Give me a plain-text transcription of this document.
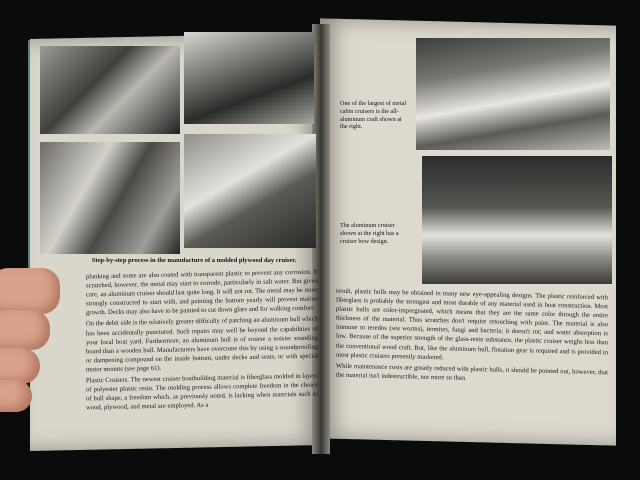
Step-by-step process in the manufacture of a molded plywood day cruiser.
One of the largest of metal cabin cruisers is the all-aluminum craft shown at the right.
The aluminum cruiser shown at the right has a cruiser bow design.

planking and some are also coated with transparent plastic to prevent any corrosion. If scratched, however, the metal may start to corrode, particularly in salt water. But given care, an aluminum cruiser should last quite long. It will not rot. The metal may be more strongly constructed to start with, and painting the bottom yearly will prevent marine growth. Decks may also have to be painted to cut down glare and for walking comfort.

On the debit side is the relatively greater difficulty of patching an aluminum hull which has been accidentally punctured. Such repairs may well be beyond the capabilities of your local boat yard. Furthermore, an aluminum hull is of course a noisier sounding board than a wooden hull. Manufacturers have overcome this by using a soundproofing or dampening compound on the inside bottom, under decks and seats, or with special motor mounts (see page 61).

Plastic Cruisers. The newest cruiser boatbuilding material is fiberglass molded in layers of polyester plastic resin. The molding process allows complete freedom in the choice of hull shape, a freedom which, as previously noted, is lacking when materials such as wood, plywood, and metal are employed. As a

result, plastic hulls may be obtained in many new eye-appealing designs. The plastic reinforced with fiberglass is probably the strongest and most durable of any material used in boat construction. Most plastic hulls are color-impregnated, which means that they are the same color through the entire thickness of the material. Thus scratches don't require retouching with paint. The material is also immune to teredos (sea worms), termites, fungi and bacteria; it doesn't rot; and water absorption is low. Because of the superior strength of the glass-resin substance, the plastic cruiser weighs less than the conventional wood craft. But, like the aluminum hull, flotation gear is required and is provided in most plastic cruisers presently marketed.

While maintenance costs are greatly reduced with plastic hulls, it should be pointed out, however, that the material isn't indestructible, nor more so than
